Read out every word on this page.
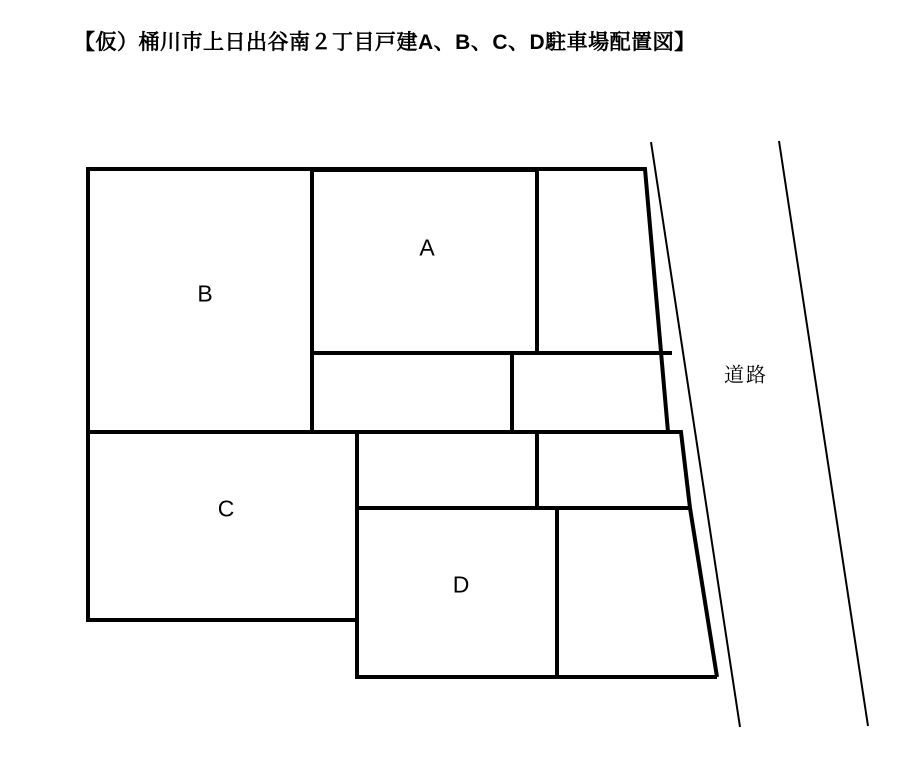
【仮）桶川市上日出谷南２丁目戸建A、B、C、D駐車場配置図】
A
B
C
D
道路
